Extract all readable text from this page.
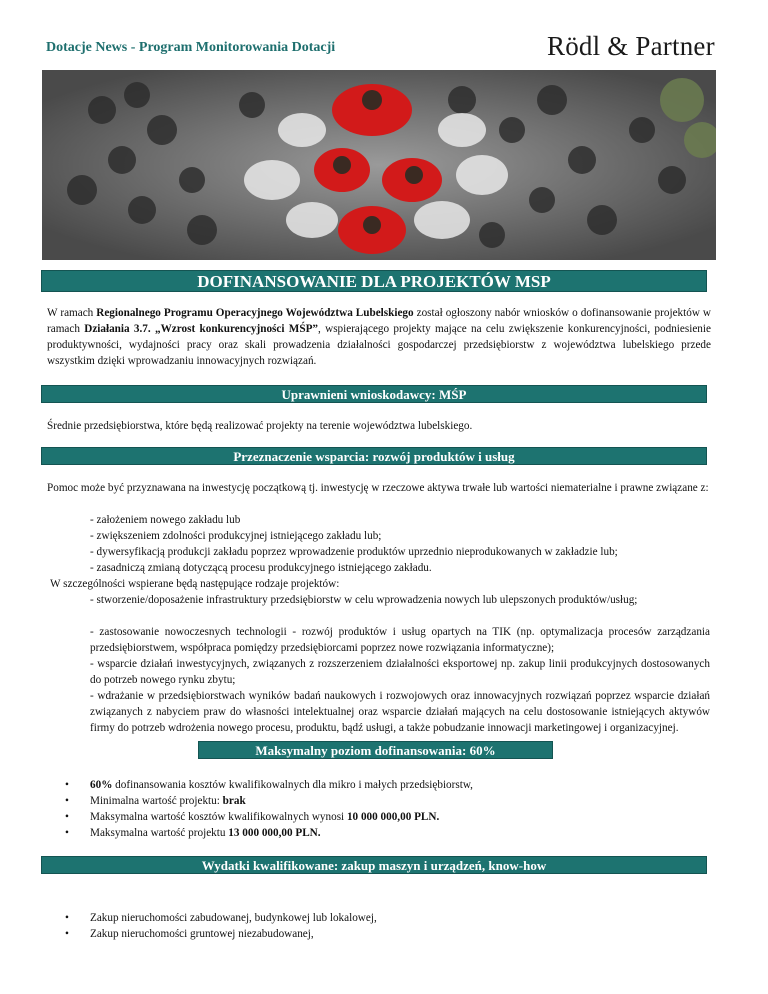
Dotacje News - Program Monitorowania Dotacji	Rödl & Partner
DOFINANSOWANIE DLA PROJEKTÓW MSP
W ramach Regionalnego Programu Operacyjnego Województwa Lubelskiego został ogłoszony nabór wniosków o dofinansowanie projektów w ramach Działania 3.7. „Wzrost konkurencyjności MŚP”, wspierającego projekty mające na celu zwiększenie konkurencyjności, podniesienie produktywności, wydajności pracy oraz skali prowadzenia działalności gospodarczej przedsiębiorstw z województwa lubelskiego przede wszystkim dzięki wprowadzaniu innowacyjnych rozwiązań.
Uprawnieni wnioskodawcy: MŚP
Średnie przedsiębiorstwa, które będą realizować projekty na terenie województwa lubelskiego.
Przeznaczenie wsparcia: rozwój produktów i usług
Pomoc może być przyznawana na inwestycję początkową tj. inwestycję w rzeczowe aktywa trwałe lub wartości niematerialne i prawne związane z:
- założeniem nowego zakładu lub
- zwiększeniem zdolności produkcyjnej istniejącego zakładu lub;
- dywersyfikacją produkcji zakładu poprzez wprowadzenie produktów uprzednio nieprodukowanych w zakładzie lub;
- zasadniczą zmianą dotyczącą procesu produkcyjnego istniejącego zakładu.
W szczególności wspierane będą następujące rodzaje projektów:
- stworzenie/doposażenie infrastruktury przedsiębiorstw w celu wprowadzenia nowych lub ulepszonych produktów/usług;
- zastosowanie nowoczesnych technologii - rozwój produktów i usług opartych na TIK (np. optymalizacja procesów zarządzania przedsiębiorstwem, współpraca pomiędzy przedsiębiorcami poprzez nowe rozwiązania informatyczne);
- wsparcie działań inwestycyjnych, związanych z rozszerzeniem działalności eksportowej np. zakup linii produkcyjnych dostosowanych do potrzeb nowego rynku zbytu;
- wdrażanie w przedsiębiorstwach wyników badań naukowych i rozwojowych oraz innowacyjnych rozwiązań poprzez wsparcie działań związanych z nabyciem praw do własności intelektualnej oraz wsparcie działań mających na celu dostosowanie istniejących aktywów firmy do potrzeb wdrożenia nowego procesu, produktu, bądź usługi, a także pobudzanie innowacji marketingowej i organizacyjnej.
Maksymalny poziom dofinansowania: 60%
• 60% dofinansowania kosztów kwalifikowalnych dla mikro i małych przedsiębiorstw,
• Minimalna wartość projektu: brak
• Maksymalna wartość kosztów kwalifikowalnych wynosi 10 000 000,00 PLN.
• Maksymalna wartość projektu 13 000 000,00 PLN.
Wydatki kwalifikowane: zakup maszyn i urządzeń, know-how
• Zakup nieruchomości zabudowanej, budynkowej lub lokalowej,
• Zakup nieruchomości gruntowej niezabudowanej,
